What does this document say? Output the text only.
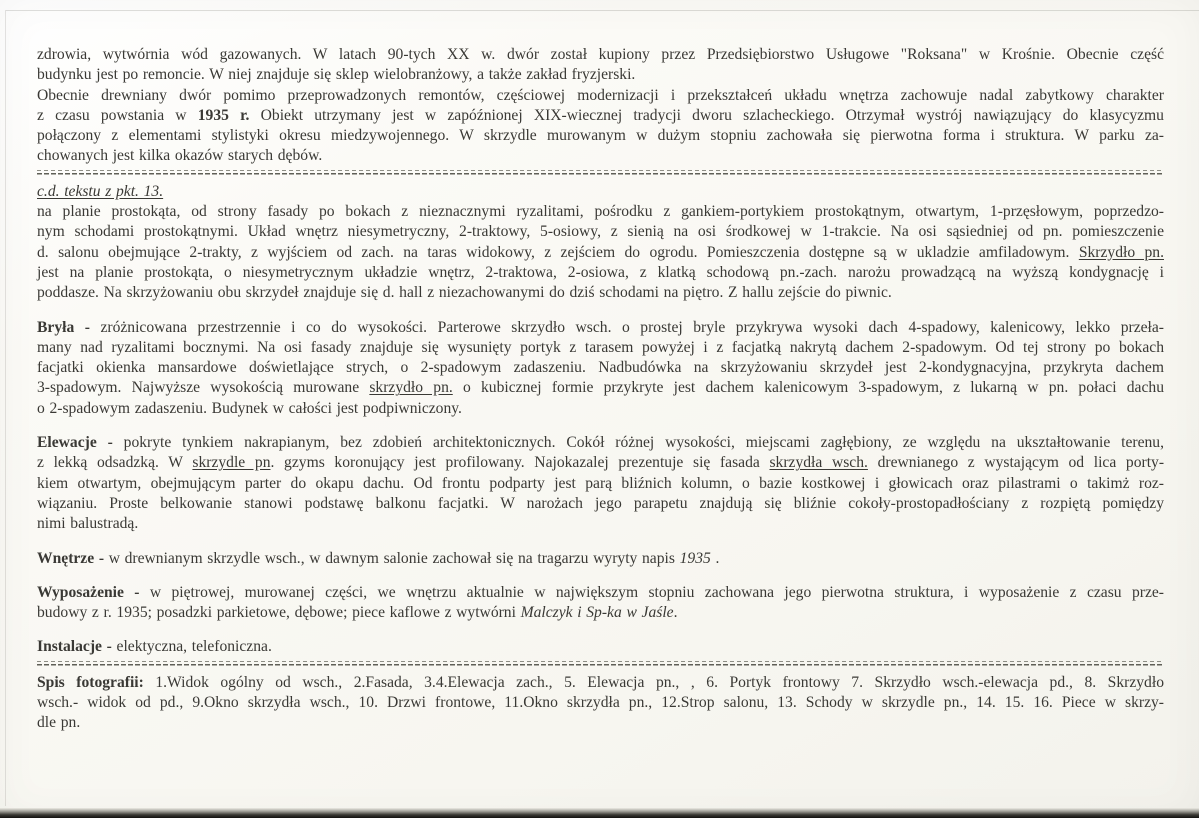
zdrowia, wytwórnia wód gazowanych. W latach 90-tych XX w. dwór został kupiony przez Przedsiębiorstwo Usługowe "Roksana" w Krośnie. Obecnie część
budynku jest po remoncie. W niej znajduje się sklep wielobranżowy, a także zakład fryzjerski.
Obecnie drewniany dwór pomimo przeprowadzonych remontów, częściowej modernizacji i przekształceń układu wnętrza zachowuje nadal zabytkowy charakter
z czasu powstania w 1935 r. Obiekt utrzymany jest w zapóźnionej XIX-wiecznej tradycji dworu szlacheckiego. Otrzymał wystrój nawiązujący do klasycyzmu
połączony z elementami stylistyki okresu miedzywojennego. W skrzydle murowanym w dużym stopniu zachowała się pierwotna forma i struktura. W parku za-
chowanych jest kilka okazów starych dębów.
c.d. tekstu z pkt. 13.
na planie prostokąta, od strony fasady po bokach z nieznacznymi ryzalitami, pośrodku z gankiem-portykiem prostokątnym, otwartym, 1-przęsłowym, poprzedzo-
nym schodami prostokątnymi. Układ wnętrz niesymetryczny, 2-traktowy, 5-osiowy, z sienią na osi środkowej w 1-trakcie. Na osi sąsiedniej od pn. pomieszczenie
d. salonu obejmujące 2-trakty, z wyjściem od zach. na taras widokowy, z zejściem do ogrodu. Pomieszczenia dostępne są w ukladzie amfiladowym. Skrzydło pn.
jest na planie prostokąta, o niesymetrycznym układzie wnętrz, 2-traktowa, 2-osiowa, z klatką schodową pn.-zach. narożu prowadzącą na wyższą kondygnację i
poddasze. Na skrzyżowaniu obu skrzydeł znajduje się d. hall z niezachowanymi do dziś schodami na piętro. Z hallu zejście do piwnic.
Bryła - zróżnicowana przestrzennie i co do wysokości. Parterowe skrzydło wsch. o prostej bryle przykrywa wysoki dach 4-spadowy, kalenicowy, lekko przeła-
many nad ryzalitami bocznymi. Na osi fasady znajduje się wysunięty portyk z tarasem powyżej i z facjatką nakrytą dachem 2-spadowym. Od tej strony po bokach
facjatki okienka mansardowe doświetlające strych, o 2-spadowym zadaszeniu. Nadbudówka na skrzyżowaniu skrzydeł jest 2-kondygnacyjna, przykryta dachem
3-spadowym. Najwyższe wysokością murowane skrzydło pn. o kubicznej formie przykryte jest dachem kalenicowym 3-spadowym, z lukarną w pn. połaci dachu
o 2-spadowym zadaszeniu. Budynek w całości jest podpiwniczony.
Elewacje - pokryte tynkiem nakrapianym, bez zdobień architektonicznych. Cokół różnej wysokości, miejscami zagłębiony, ze względu na ukształtowanie terenu,
z lekką odsadzką. W skrzydle pn. gzyms koronujący jest profilowany. Najokazalej prezentuje się fasada skrzydła wsch. drewnianego z wystającym od lica porty-
kiem otwartym, obejmującym parter do okapu dachu. Od frontu podparty jest parą bliźnich kolumn, o bazie kostkowej i głowicach oraz pilastrami o takimż roz-
wiązaniu. Proste belkowanie stanowi podstawę balkonu facjatki. W narożach jego parapetu znajdują się bliźnie cokoły-prostopadłościany z rozpiętą pomiędzy
nimi balustradą.
Wnętrze - w drewnianym skrzydle wsch., w dawnym salonie zachował się na tragarzu wyryty napis 1935 .
Wyposażenie - w piętrowej, murowanej części, we wnętrzu aktualnie w największym stopniu zachowana jego pierwotna struktura, i wyposażenie z czasu prze-
budowy z r. 1935; posadzki parkietowe, dębowe; piece kaflowe z wytwórni Malczyk i Sp-ka w Jaśle.
Instalacje - elektyczna, telefoniczna.
Spis fotografii: 1.Widok ogólny od wsch., 2.Fasada, 3.4.Elewacja zach., 5. Elewacja pn., , 6. Portyk frontowy 7. Skrzydło wsch.-elewacja pd., 8. Skrzydło
wsch.- widok od pd., 9.Okno skrzydła wsch., 10. Drzwi frontowe, 11.Okno skrzydła pn., 12.Strop salonu, 13. Schody w skrzydle pn., 14. 15. 16. Piece w skrzy-
dle pn.
